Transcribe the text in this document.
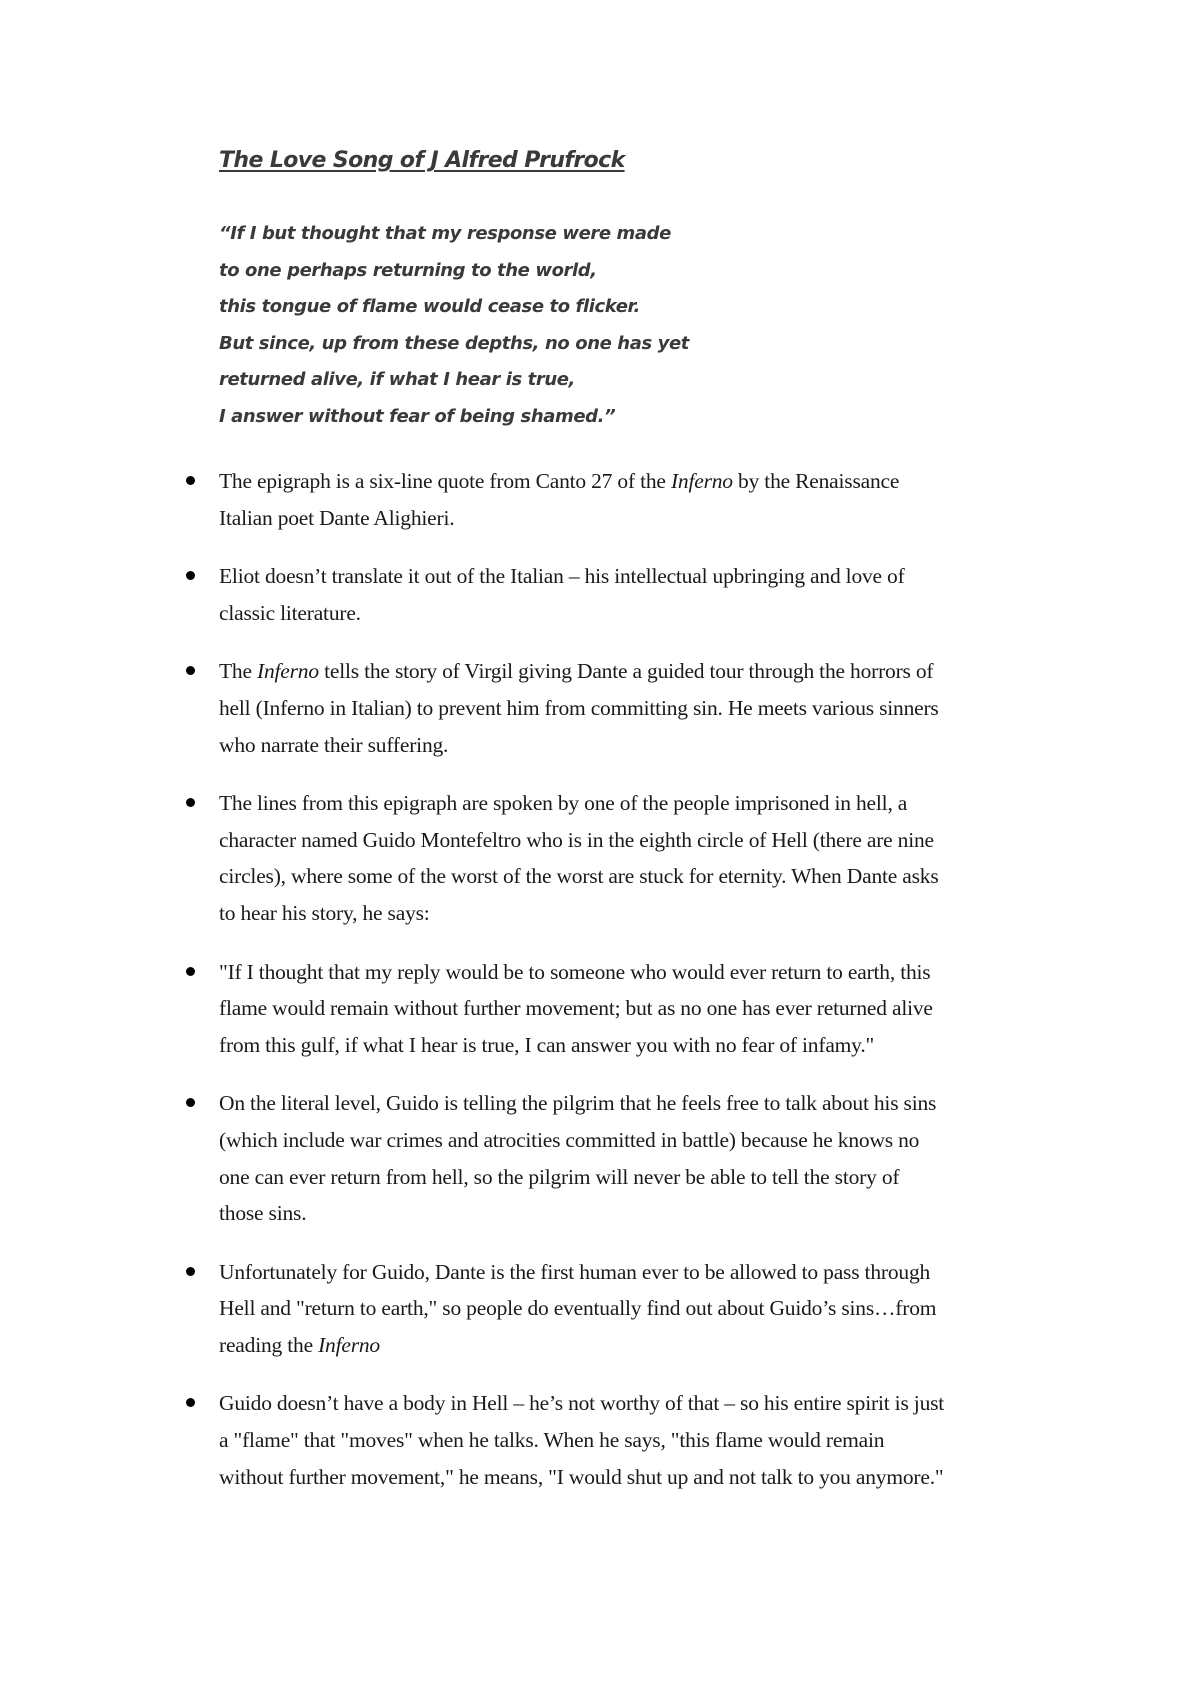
The Love Song of J Alfred Prufrock
“If I but thought that my response were made
to one perhaps returning to the world,
this tongue of flame would cease to flicker.
But since, up from these depths, no one has yet
returned alive, if what I hear is true,
I answer without fear of being shamed.”
The epigraph is a six-line quote from Canto 27 of the Inferno by the Renaissance
Italian poet Dante Alighieri.
Eliot doesn’t translate it out of the Italian – his intellectual upbringing and love of
classic literature.
The Inferno tells the story of Virgil giving Dante a guided tour through the horrors of
hell (Inferno in Italian) to prevent him from committing sin. He meets various sinners
who narrate their suffering.
The lines from this epigraph are spoken by one of the people imprisoned in hell, a
character named Guido Montefeltro who is in the eighth circle of Hell (there are nine
circles), where some of the worst of the worst are stuck for eternity. When Dante asks
to hear his story, he says:
"If I thought that my reply would be to someone who would ever return to earth, this
flame would remain without further movement; but as no one has ever returned alive
from this gulf, if what I hear is true, I can answer you with no fear of infamy."
On the literal level, Guido is telling the pilgrim that he feels free to talk about his sins
(which include war crimes and atrocities committed in battle) because he knows no
one can ever return from hell, so the pilgrim will never be able to tell the story of
those sins.
Unfortunately for Guido, Dante is the first human ever to be allowed to pass through
Hell and "return to earth," so people do eventually find out about Guido’s sins…from
reading the Inferno
Guido doesn’t have a body in Hell – he’s not worthy of that – so his entire spirit is just
a "flame" that "moves" when he talks. When he says, "this flame would remain
without further movement," he means, "I would shut up and not talk to you anymore."
